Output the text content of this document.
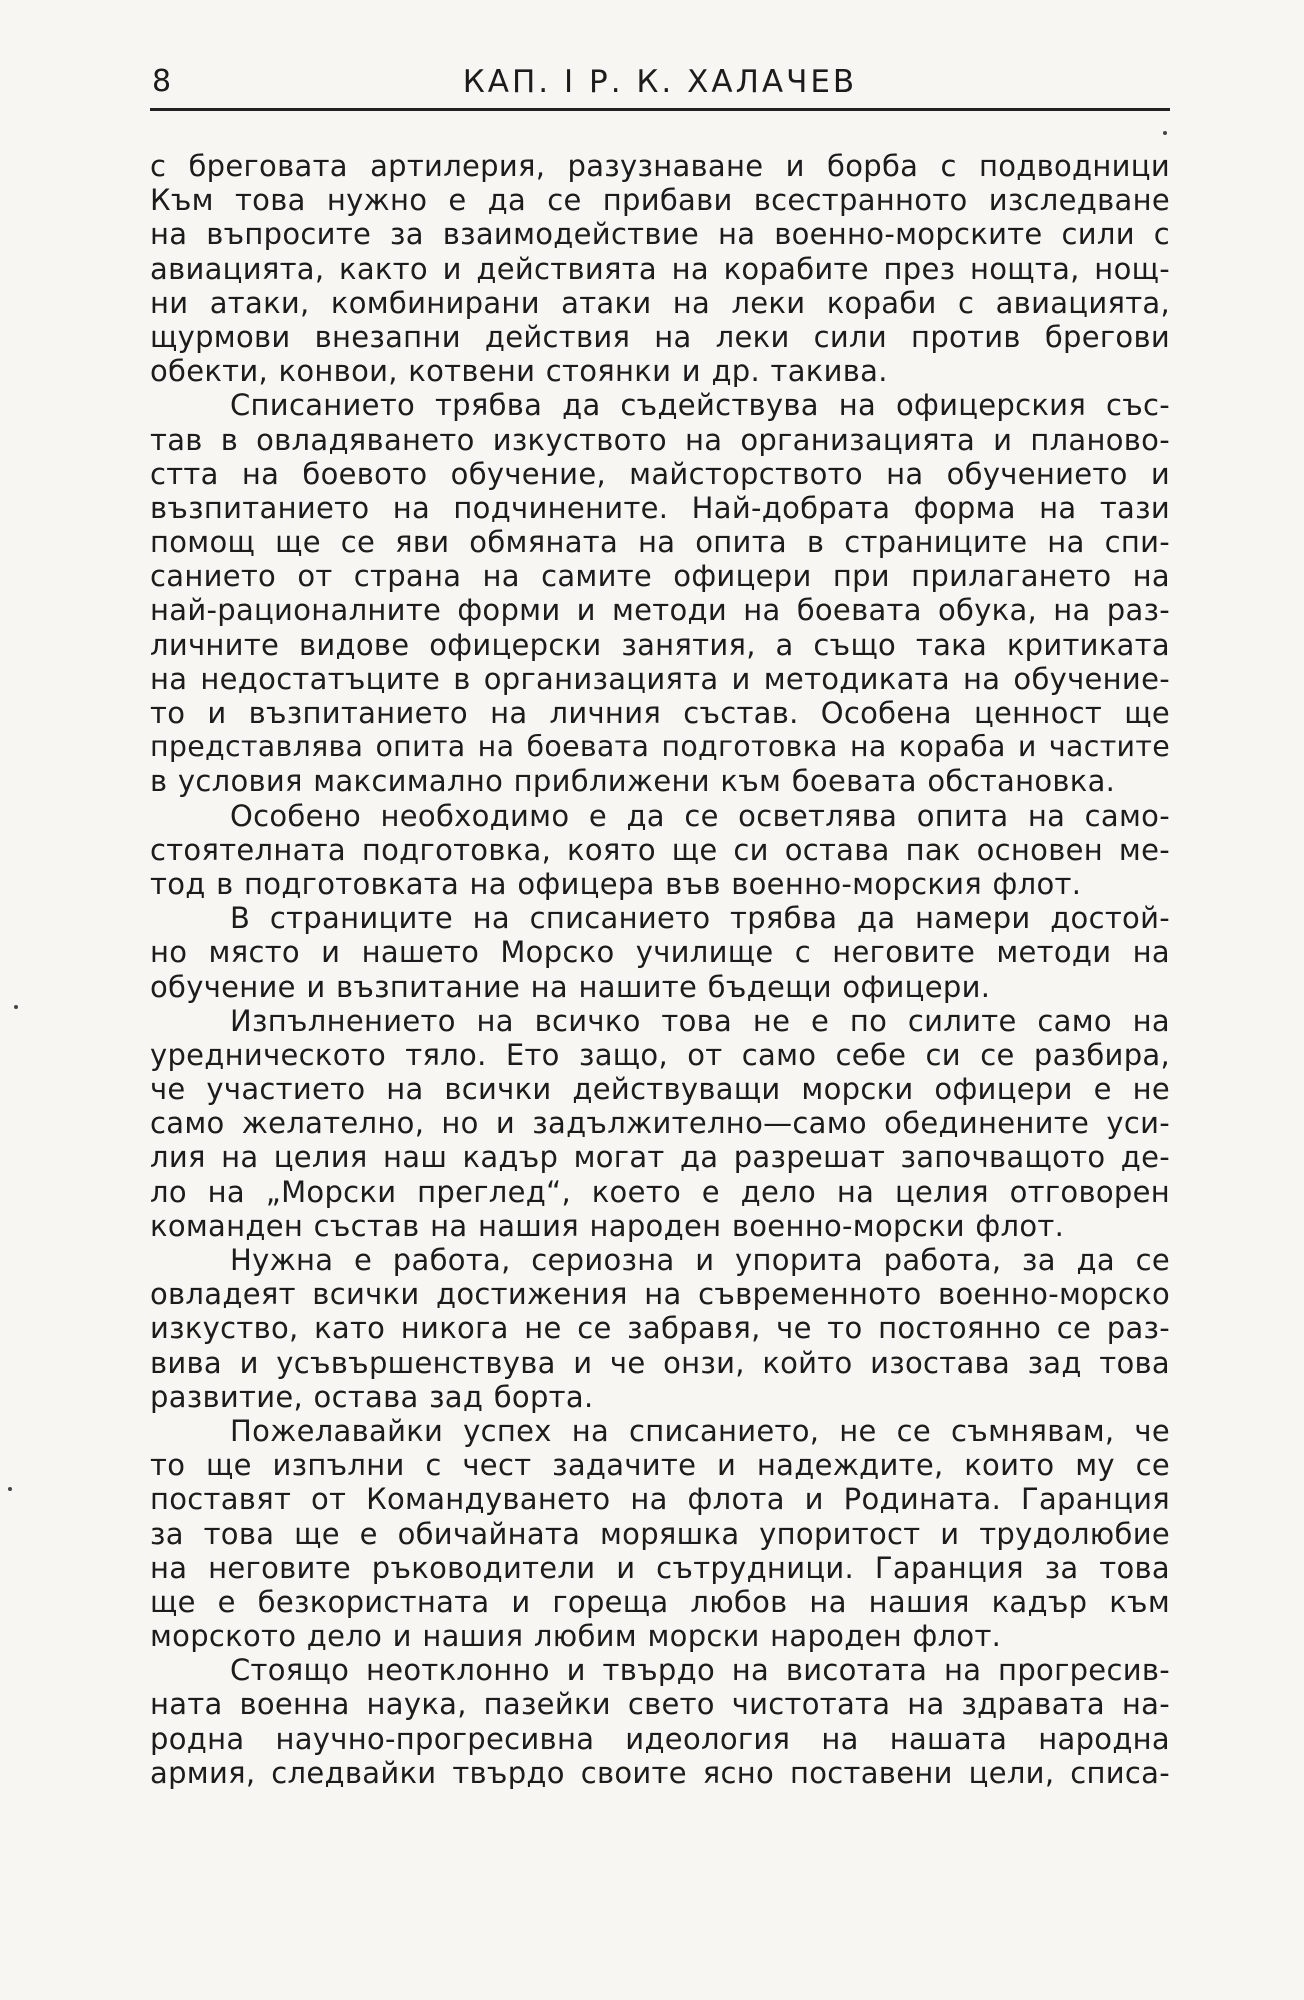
8	КАП. I Р. К. ХАЛАЧЕВ
с бреговата артилерия, разузнаване и борба с подводници
Към това нужно е да се прибави всестранното изследване
на въпросите за взаимодействие на военно-морските сили с
авиацията, както и действията на корабите през нощта, нощ-
ни атаки, комбинирани атаки на леки кораби с авиацията,
щурмови внезапни действия на леки сили против брегови
обекти, конвои, котвени стоянки и др. такива.
Списанието трябва да съдействува на офицерския със-
тав в овладяването изкуството на организацията и планово-
стта на боевото обучение, майсторството на обучението и
възпитанието на подчинените. Най-добрата форма на тази
помощ ще се яви обмяната на опита в страниците на спи-
санието от страна на самите офицери при прилагането на
най-рационалните форми и методи на боевата обука, на раз-
личните видове офицерски занятия, а също така критиката
на недостатъците в организацията и методиката на обучение-
то и възпитанието на личния състав. Особена ценност ще
представлява опита на боевата подготовка на кораба и частите
в условия максимално приближени към боевата обстановка.
Особено необходимо е да се осветлява опита на само-
стоятелната подготовка, която ще си остава пак основен ме-
тод в подготовката на офицера във военно-морския флот.
В страниците на списанието трябва да намери достой-
но място и нашето Морско училище с неговите методи на
обучение и възпитание на нашите бъдещи офицери.
Изпълнението на всичко това не е по силите само на
уредническото тяло. Ето защо, от само себе си се разбира,
че участието на всички действуващи морски офицери е не
само желателно, но и задължително—само обединените уси-
лия на целия наш кадър могат да разрешат започващото де-
ло на „Морски преглед“, което е дело на целия отговорен
команден състав на нашия народен военно-морски флот.
Нужна е работа, сериозна и упорита работа, за да се
овладеят всички достижения на съвременното военно-морско
изкуство, като никога не се забравя, че то постоянно се раз-
вива и усъвършенствува и че онзи, който изостава зад това
развитие, остава зад борта.
Пожелавайки успех на списанието, не се съмнявам, че
то ще изпълни с чест задачите и надеждите, които му се
поставят от Командуването на флота и Родината. Гаранция
за това ще е обичайната моряшка упоритост и трудолюбие
на неговите ръководители и сътрудници. Гаранция за това
ще е безкористната и гореща любов на нашия кадър към
морското дело и нашия любим морски народен флот.
Стоящо неотклонно и твърдо на висотата на прогресив-
ната военна наука, пазейки свето чистотата на здравата на-
родна научно-прогресивна идеология на нашата народна
армия, следвайки твърдо своите ясно поставени цели, списа-
